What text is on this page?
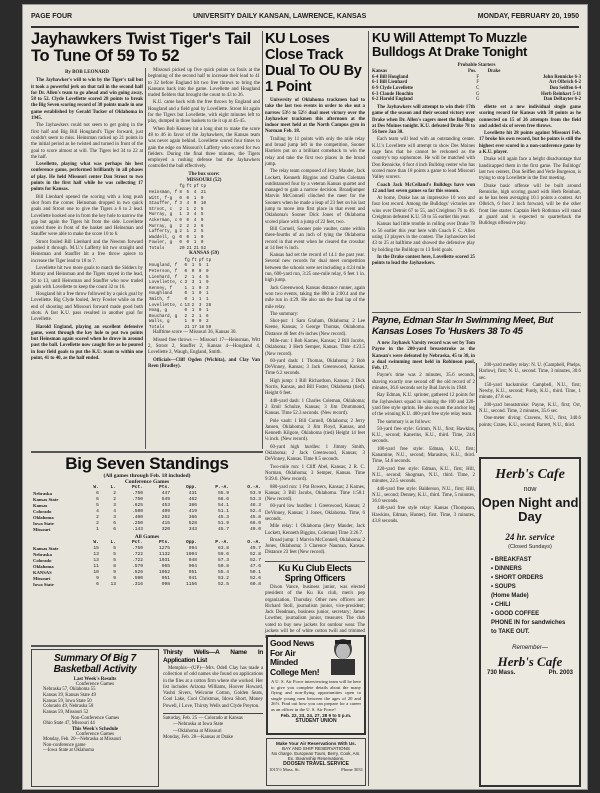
PAGE FOUR	UNIVERSITY DAILY KANSAN, LAWRENCE, KANSAS	MONDAY, FEBRUARY 20, 1950
Jayhawkers Twist Tiger's Tail To Tune Of 59 To 52
By BOB LEONARD

The Jayhawker's will to win by the Tiger's tail but it took a powerful jerk on that tail in the second half for Dr. Allen's team to go ahead and win going away, 58 to 52. Clyde Lovellette scored 28 points to break the Big Seven scoring record of 38 points made in one game established by Gerald Tucker of Oklahoma in 1945.

The Jayhawkers could not seem to get going in the first half and Big Bill Hougland's Tiger forward, just couldn't seem to miss. Heinsman racked up 21 points in the initial period as he twisted and turned in front of the goal to score almost at will. The Tigers led 34 to 22 at the half.

Lovellette, playing what was perhaps his best conference game, performed brilliantly in all phases of play. He held Missouri center Dan Stroot to two points in the first half while he was collecting 17 points for Kansas.

Bill Lienhard opened the scoring with a long push shot from the corner. Heinsman dropped in two quick goals and Stroot one to give the Tigers a 6 to 2 lead. Lovellette hooked one in from the key hole to narrow the gap but again the Tigers hit from the side. Lovellette scored three in front of the basket and Heinsman and Stauffer were able to make the score 10 to 6.

Stroot fouled Bill Lienhard and the Newton forward pushed it through. M.U.'s Lafferty hit two straight and Heinsman and Stauffer hit a free throw apiece to increase the Tiger lead to 18 to 7.

Lovellette hit two more goals to match the Sidders by Murray and Heinsman and the Tigers stayed in the lead, 26 to 13, until Heinsman and Stauffer who now traded goals with Lovellette to keep the count 32 to 16.

Hougland hit a free throw followed by a quick goal by Lovellette. Big Clyde fouled, Jerry Fowler while on the end of shooting and Missouri forward made good both shots. A fast K.U. pass resulted in another goal for Lovellette.

Harold England, playing an excellent defensive game, went through the key hole to put two points but Heinsman again scored when he drove in around past the ball. Lovellette now caught fire as he poured in four field goals to put the K.U. team to within one point, 41 to 40, as the half ended.

Missouri picked up five quick points on fouls at the beginning of the second half to increase their lead to 41 to 32 before England hit two free throws to bring the Kansans back into the game. Lovellette and Hougland traded fielders that brought the count to 43 to 36.

K.U. came back with the free throws by England and Hougland and a field goal by Lovellette. Stroot hit again for the Tigers but Lovellette, with eight minutes left to play, dumped in three baskets to tie it up at 45-45.

When Bob Kenney hit a long shot to make the score 48 to 46 in favor of the Jayhawkers, the Kansas team was never again behind. Lovellette scored four times to gain the edge on Missouri's Lafferty who scored for two fielders. During the final three minutes, the Tigers employed a rushing defense but the Jayhawkers controlled the ball effectively.

The box score:
MISSOURI (52)
	fg	ft	pf	tp
Heinsman, f	8	5	4	21
Witt, f-g	0	0	1	0
Stauffer, f	3	4	0	10
Stroot, c	2	1	2	5
Murray, g	1	3	4	5
Ackerman, c	0	0	4	0
Murray, g	2	2	2	6
Lafferty, g	2	1	2	5
Waddell, g	0	0	1	0
Fowler, g	0	0	1	0
Totals	20	21	21	52
KANSAS (59)
	fg	ft	pf	tp
Hougland, f	0	1	5	1
Peterson, f	0	0	0	0
Lienhard, f	2	1	4	5
Lovellette, c	3	3	1	9
Kenney, f	1	1	0	3
Houghland	0	1	0	1
Smith, f	0	1	1	1
Lovellette, c	13	2	3	28
Hoag, g	0	1	0	1
Bouchard, g	2	2	1	6
Walls, g	1	0	0	2
Totals	21	17	18	59

Halftime score — Missouri 36, Kansas 30.

Missed free throws — Missouri 17—Heinsman, Witt 2, Stroot 2, Stauffer 2, Kansas 4—Hougland 4, Lovellette 2, Waugh, England, Smith.

Officials—Cliff Ogden (Wichita), and Clay Van Reen (Bradley).

KU Loses Close Track Dual To OU By 1 Point

University of Oklahoma trackmen had to take the last two events in order to eke out a narrow 53½ to 52½ dual meet victory over the Jayhawker trackmen this afternoon at the indoor meet held at the North Campus gym in Norman Feb. 18.

Trailing by 11 points with only the mile relay and broad jump left in the competition, Sooner Harriers put on a brilliant comeback to win the relay and take the first two places in the broad jump.

The relay team composed of Jerry Mauder, Jack Lockett, Kenneth Biggins and Charles Coleman outdistanced four by a veteran Kansas quartet and managed to gain a narrow decision. Broadjumper Marvin McConnell clinched the meet for the Sooners when he made a leap of 23 feet on his last jump to move into first place in that event and Oklahoma's Sooner Dick Jones of Oklahoma scored place with a jump of 22 feet, two.

Bill Cornell, Sooner pole vaulter, came within three-fourths of an inch of tying the Oklahoma record in that event when he cleared the crossbar at 14 feet ¼ inch.

Kansas had set the record of 14.1 the past year. Several new records for dual meet competition between the schools were set including a 4:24 mile run, 600-yard run, 3:25 one-mile relay, 6 feet 1 in. high jump.

Jack Greenwood, Kansas distance runner, again won two events, taking the 880 in 2:00.4 and the mile run in 4:29. He also ran the final lap of the mile relay.

The summary:

Shot-put: 1 Sam Graham, Oklahoma; 2 Lee Keene, Kansas; 3 George Thomas, Oklahoma. Distance 46 feet 4¾ inches (New record).

Mile-run: 1 Bob Karnes, Kansas; 2 Bill Jacobs, Oklahoma; 3 Herb Semper, Kansas. Time 4:23.5 (New record).

60-yard dash: 1 Thomas, Oklahoma; 2 Bob DeVinney, Kansas; 3 Jack Greenwood, Kansas. Time 6.2 seconds.

High jump: 1 Bill Richardson, Kansas; 2 Dick Norris, Kansas, and Bill Foster, Oklahoma (tied). Height 6 feet.

440-yard dash: 1 Charles Coleman, Oklahoma; 2 Emil Schulze, Kansas; 3 Jim Drummond, Kansas. Time 52.3 seconds. (New record).

Pole vault: 1 Bill Cornell, Oklahoma; 2 Jerry Jansen, Oklahoma; 3 Jim Floyd, Kansas, and Kenneth Kilgore, Oklahoma (tied) Height 14 feet ¼ inch. (New record).

60-yard high hurdles: 1 Jimmy Smith, Oklahoma; 2 Jack Greenwood, Kansas; 3 DeVinney, Kansas. Time 8.5 seconds.

Two-mile run: 1 Cliff Abel, Kansas; 2 R. C. Norman, Oklahoma; 3 Semper, Kansas. Time 9:39.6. (New record).

880-yard run: 1 Pat Bowers, Kansas; 2 Karnes, Kansas; 3 Bill Jacobs, Oklahoma. Time 1:58.1 (New record).

60-yard low hurdles: 1 Greenwood, Kansas; 2 DeVinney, Kansas; 3 Jones, Oklahoma. Time, 6 seconds.

Mile relay: 1 Oklahoma (Jerry Mauder, Jack Lockett, Kenneth Biggins, Coleman) Time 3:26.7.

Broad jump: 1 Marvin McConnell, Oklahoma; 2 Jones, Oklahoma; 3 Clarence Nauman, Kansas. Distance 23 feet (New record).

Ku Ku Club Elects Spring Officers

Dixon Vance, business junior, was elected president of the Ku Ku club, men's pep organization, Thursday. Other new officers are: Richard Stoll, journalism junior, vice-president; Jack Deadman, business junior, secretary; James Lowther, journalism junior, treasurer. The club voted to buy new jackets for outdoor wear. The jackets will be of white cotton twill and trimmed

KU Will Attempt To Muzzle Bulldogs At Drake Tonight
Probable Starters
Kansas	Pos.	Drake
6-4 Bill Hougland	F	John Rennicke 6-3
6-1 Bill Lienhard	F	Art Olbrich 6-2
6-9 Clyde Lovellette	C	Don Seiffen 6-4
6-3 Claude Houchin	G	Herb Reinhart 5-11
6-2 Harold England	G	Dan DeRuyter 6-2

The Jayhawkers will attempt to win their 17th game of the season and their second victory over Drake when Dr. Allen's cagers meet the Bulldogs at Des Moines tonight. K.U. defeated Drake 78 to 56 here Jan 30.

Each team will lead with an outstanding center. K.U.'s Lovellette will attempt to show Des Moines cage fans that he cannot be reckoned as the country's top sophomore. He will be matched with Don Rennicke, 6 foot 4 inch Bulldog center who has scored more than 18 points a game to lead Missouri Valley scorers.

Coach Jack McCelland's Bulldogs have won 12 and lost seven games so far this season.

At home, Drake has an impressive 10 won and four lost record. Among the Bulldogs' victories are wins over Detroit 67 to 55, and Creighton 76 to 46. Creighton defeated K.U. 59 to 55 earlier this year.

Kansas had little trouble in rolling over Drake 78 to 56 earlier this year here with Coach F. C. Allen using 13 players in the contest. The Jayhawkers led 43 to 25 at halftime and showed the defensive play by holding the Bulldogs to 13 field goals.

In the Drake contest here, Lovellette scored 25 points to lead the Jayhawkers.

ellette set a new individual single game scoring record for Kansas with 38 points as he connected on 15 of 26 attempts from the field and added six of seven free throws.

Lovellette hit 28 points against Missouri Feb. 17 broke his own record, but he points is still the highest ever scored in a non-conference game by a K.U. player.

Drake will again face a height disadvantage that handicapped them in the first game. The Bulldogs' last two centers, Don Seiffen and Verle Burgeson, is trying to stop Lovellette in the first meeting.

Drake basic offense will be built around Rennicke, high scoring guard with Herb Reinhart, as he has been averaging 10.1 points a contest. Art Olbrich, 6 foot 2 inch forward, will be the other front line starter. Captain Herb Rothman will stand at guard and is expected to quarterback the Bulldogs offensive play.

Payne, Edman Star In Swimming Meet, But Kansas Loses To 'Huskers 38 To 45

A new Jayhawk Varsity record was set by Tom Payne in the 200-yard breaststroke as the Kansan's were defeated by Nebraska, 45 to 38, in a dual swimming meet held in Robinson pool, Feb. 17.

Payne's time was 2 minutes, 35.6 seconds, shaving exactly one second off the old record of 2 minutes, 36.6 seconds set by Bud Jarvis in 1948.

Ray Edman, K.U. sprinter, gathered 12 points for the Jayhawkers squad in winning the 100 and 220-yard free style sprints. He also swam the anchor leg of the winning K.U. 400-yard free style relay team.

The summary is as follows:

50-yard free style: Grimm, N.U., first; Hawkins, K.U., second; Kanerins, K.U., third. Time, 24.6 seconds.

100-yard free style: Edman, K.U., first; Kanamine, N.U., second; Marasitos, K.U., third. Time, 54.6 seconds.

220-yard free style: Edman, K.U., first; Hill, N.U., second; Skogman, N.U., third. Time, 2 minutes, 22.5 seconds.

440-yard free style: Balderson, N.U., first; Hill, N.U., second; Denney, K.U., third. Time, 5 minutes, 36.0 seconds.

440-yard free style relay: Kansas (Thompson, Hawkins, Edman, Hunter), first. Time, 3 minutes, 43.8 seconds.

200-yard medley relay: N. U. (Campbell, Phelps, Harlow), first; N. U., second. Time, 3 minutes, 30.6 sec.

150-yard backstroke: Campbell, N.U., first; Newby, K.U., second; Purdy, K.U., third. Time, 1 minute, 47.8 sec.

200-yard breaststroke: Payne, K.U., first; Orr, N.U., second. Time, 2 minutes, 35.6 sec.

One-meter diving: Cravens, N.U., first, 340.6 points; Crates, K.U., second; Barrett, N.U., third.

Big Seven Standings
(All games through Feb. 18 included)
Conference Games
	W.	L.	Pct.	Pts.	Opp.	P.-A.	O.-A.
Nebraska	6	2	.750	447	431	55.9	53.9
Kansas State	6	2	.750	549	462	68.6	53.3
Kansas	5	3	.625	453	386	54.1	48.3
Colorado	4	4	.500	409	419	51.1	52.4
Oklahoma	2	3	.400	262	366	45.3	45.8
Iowa State	2	6	.250	415	528	51.9	66.0
Missouri	1	6	.143	320	343	45.7	49.0
All Games
	W.	L.	Pct.	Pts.	Opp.	P.-A.	O.-A.
Kansas State	15	5	.750	1275	994	63.8	49.7
Nebraska	13	5	.722	1132	1004	59.6	52.8
Colorado	13	5	.722	1031	948	57.3	52.7
Oklahoma	11	8	.579	965	904	50.8	47.6
KANSAS	10	9	.526	1052	951	55.4	50.1
Missouri	9	9	.500	951	941	53.2	52.6
Iowa State	6	13	.316	998	1156	52.5	60.8
Summary Of Big 7 Basketball Activity
Last Week's Results
Conference Games
Nebraska 57, Oklahoma 55
Kansas 39, Kansas State 49
Kansas 59, Iowa State 50
Colorado 49, Nebraska 58
Kansas 59, Missouri 52
Non-Conference Games
Ohio State 47, Missouri 44
This Week's Schedule
Conference Games
Monday, Feb. 20—Nebraska at Missouri
Non-conference game
—Iowa State at Oklahoma
Thirsty Wells—A Name In Application List

Memphis—(UP)—Mrs. Odell Clay has made a collection of odd names she found on applications in the files at a cotton firm where she worked. Her list includes Arizona Williams, Hoover Howard, Vashti Sivers, Welcome Cotton, Golden Seats, Cool Lake, Cool Christmas, Idova Short, Money Powell, I Love, Thirsty Wells and Clyde Preyton.

Saturday, Feb. 25 — Colorado at Kansas
—Nebraska at Iowa State
—Oklahoma at Missouri
Monday, Feb. 28—Kansas at Drake
Good News For Air Minded College Men!
A U. S. Air Force interviewing team will be here to give you complete details about the many flying and non-flying opportunities open to single young men between the ages of 20 and 26½. Find out how you can prepare for a career as an officer in the U. S. Air Force!
Feb. 22, 23, 24, 27, 28 9 to 5 p.m.
STUDENT UNION
Make Your Air Reservations With Us.
BAY AND SHIP RESERVATIONS
No charge. European Tours, Berry, Cook, Am. Ex. Steamship Reservations.
DOOSEN TRAVEL SERVICE
1015½ Mass. St.	Phone 3031
Herb's Cafe
now
Open Night and Day
24 hr. service
(Closed Sundays)
• BREAKFAST
• DINNERS
• SHORT ORDERS
• SOUPS
(Home Made)
• CHILI
• GOOD COFFEE
PHONE IN for sandwiches to TAKE OUT.
Remember—
Herb's Cafe
730 Mass.	Ph. 2003
